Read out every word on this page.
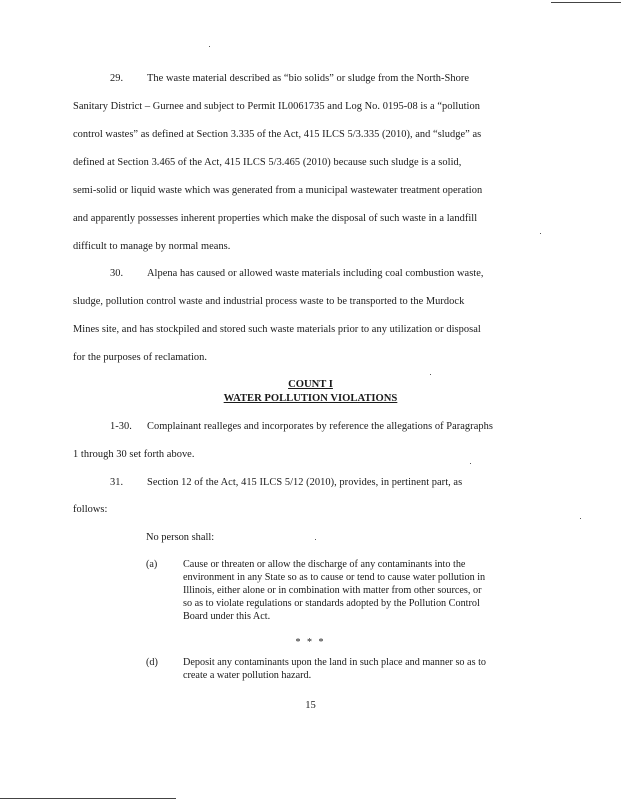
29. The waste material described as “bio solids” or sludge from the North-Shore
Sanitary District – Gurnee and subject to Permit IL0061735 and Log No. 0195-08 is a “pollution
control wastes” as defined at Section 3.335 of the Act, 415 ILCS 5/3.335 (2010), and “sludge” as
defined at Section 3.465 of the Act, 415 ILCS 5/3.465 (2010) because such sludge is a solid,
semi-solid or liquid waste which was generated from a municipal wastewater treatment operation
and apparently possesses inherent properties which make the disposal of such waste in a landfill
difficult to manage by normal means.
30. Alpena has caused or allowed waste materials including coal combustion waste,
sludge, pollution control waste and industrial process waste to be transported to the Murdock
Mines site, and has stockpiled and stored such waste materials prior to any utilization or disposal
for the purposes of reclamation.
COUNT I
WATER POLLUTION VIOLATIONS
1-30. Complainant realleges and incorporates by reference the allegations of Paragraphs
1 through 30 set forth above.
31. Section 12 of the Act, 415 ILCS 5/12 (2010), provides, in pertinent part, as
follows:
No person shall:
(a)	Cause or threaten or allow the discharge of any contaminants into the
environment in any State so as to cause or tend to cause water pollution in
Illinois, either alone or in combination with matter from other sources, or
so as to violate regulations or standards adopted by the Pollution Control
Board under this Act.
* * *
(d) Deposit any contaminants upon the land in such place and manner so as to
create a water pollution hazard.
15
